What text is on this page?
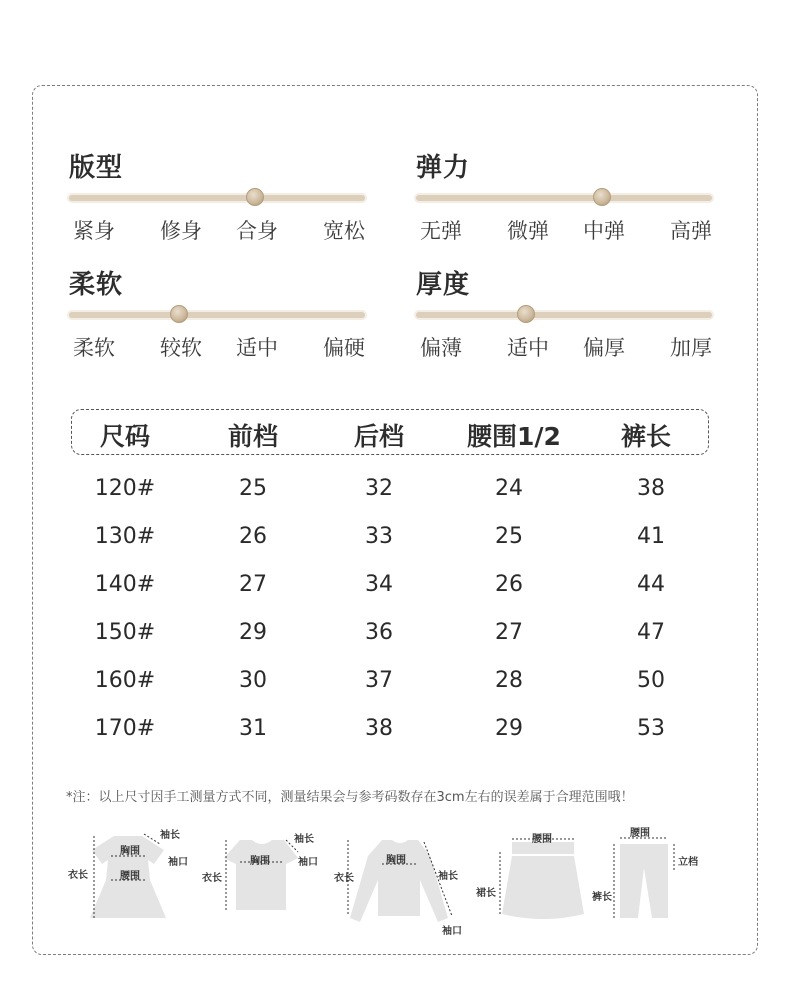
版型
紧身	修身	合身	宽松
弹力
无弹	微弹	中弹	高弹
柔软
柔软	较软	适中	偏硬
厚度
偏薄	适中	偏厚	加厚
尺码	前档	后档	腰围1/2	裤长
120#	25	32	24	38
130#	26	33	25	41
140#	27	34	26	44
150#	29	36	27	47
160#	30	37	28	50
170#	31	38	29	53
*注：以上尺寸因手工测量方式不同，测量结果会与参考码数存在3cm左右的误差属于合理范围哦！
胸围
腰围
袖长
袖口
衣长
胸围
袖长
袖口
衣长
胸围
袖长
袖口
衣长
腰围
裙长
腰围
立档
裤长
